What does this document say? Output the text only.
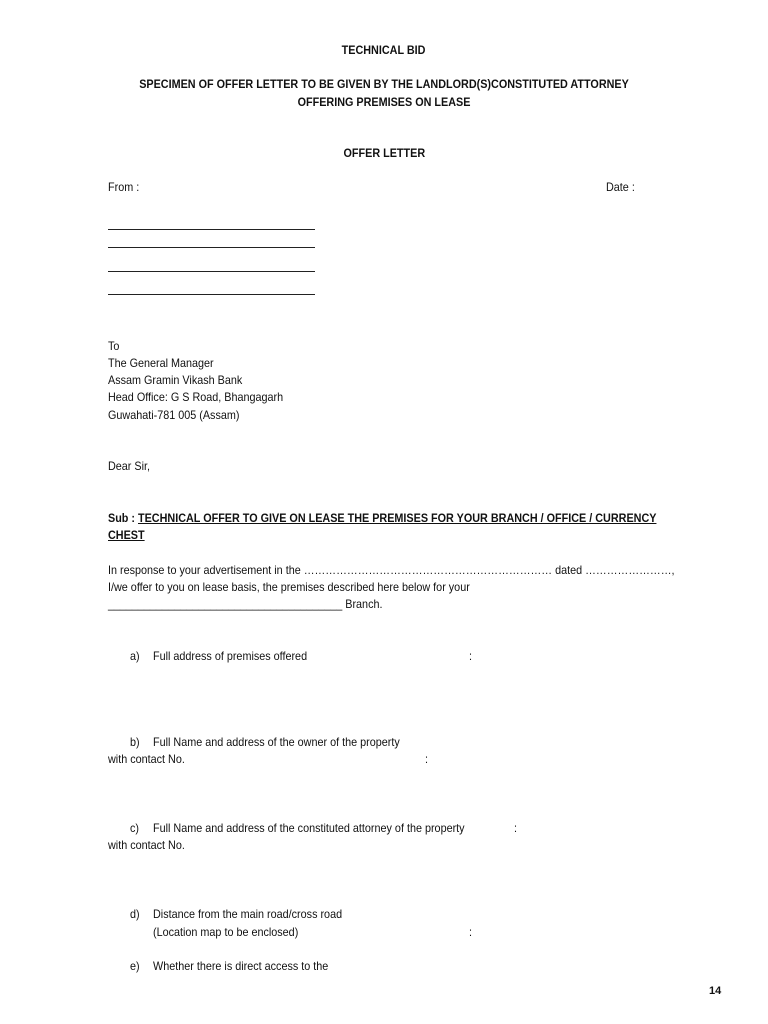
TECHNICAL BID
SPECIMEN OF OFFER LETTER TO BE GIVEN BY THE LANDLORD(S)CONSTITUTED ATTORNEY
OFFERING PREMISES ON LEASE
OFFER LETTER
From :	Date :
To
The General Manager
Assam Gramin Vikash Bank
Head Office: G S Road, Bhangagarh
Guwahati-781 005 (Assam)
Dear Sir,
Sub : TECHNICAL OFFER TO GIVE ON LEASE THE PREMISES FOR YOUR BRANCH / OFFICE / CURRENCY
CHEST
In response to your advertisement in the …………………………………………………………… dated ……………………,
I/we offer to you on lease basis, the premises described here below for your
_______________________________________ Branch.
a) Full address of premises offered	:
b) Full Name and address of the owner of the property
with contact No.	:
c) Full Name and address of the constituted attorney of the property	:
with contact No.
d) Distance from the main road/cross road
(Location map to be enclosed)	:
e) Whether there is direct access to the
14
